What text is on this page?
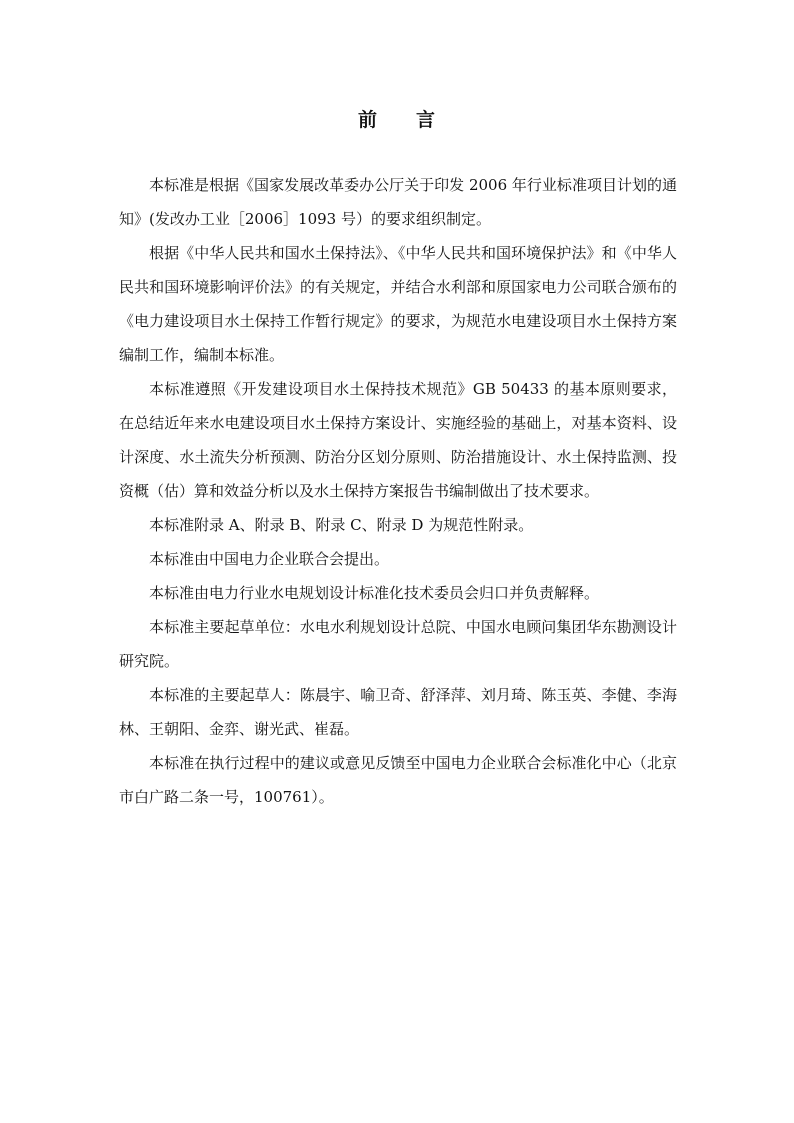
前 言

本标准是根据《国家发展改革委办公厅关于印发 2006 年行业标准项目计划的通知》(发改办工业［2006］1093 号）的要求组织制定。

根据《中华人民共和国水土保持法》、《中华人民共和国环境保护法》和《中华人民共和国环境影响评价法》的有关规定，并结合水利部和原国家电力公司联合颁布的《电力建设项目水土保持工作暂行规定》的要求，为规范水电建设项目水土保持方案编制工作，编制本标准。

本标准遵照《开发建设项目水土保持技术规范》GB 50433 的基本原则要求，在总结近年来水电建设项目水土保持方案设计、实施经验的基础上，对基本资料、设计深度、水土流失分析预测、防治分区划分原则、防治措施设计、水土保持监测、投资概（估）算和效益分析以及水土保持方案报告书编制做出了技术要求。

本标准附录 A、附录 B、附录 C、附录 D 为规范性附录。

本标准由中国电力企业联合会提出。

本标准由电力行业水电规划设计标准化技术委员会归口并负责解释。

本标准主要起草单位：水电水利规划设计总院、中国水电顾问集团华东勘测设计研究院。

本标准的主要起草人：陈晨宇、喻卫奇、舒泽萍、刘月琦、陈玉英、李健、李海林、王朝阳、金弈、谢光武、崔磊。

本标准在执行过程中的建议或意见反馈至中国电力企业联合会标准化中心（北京市白广路二条一号，100761）。
